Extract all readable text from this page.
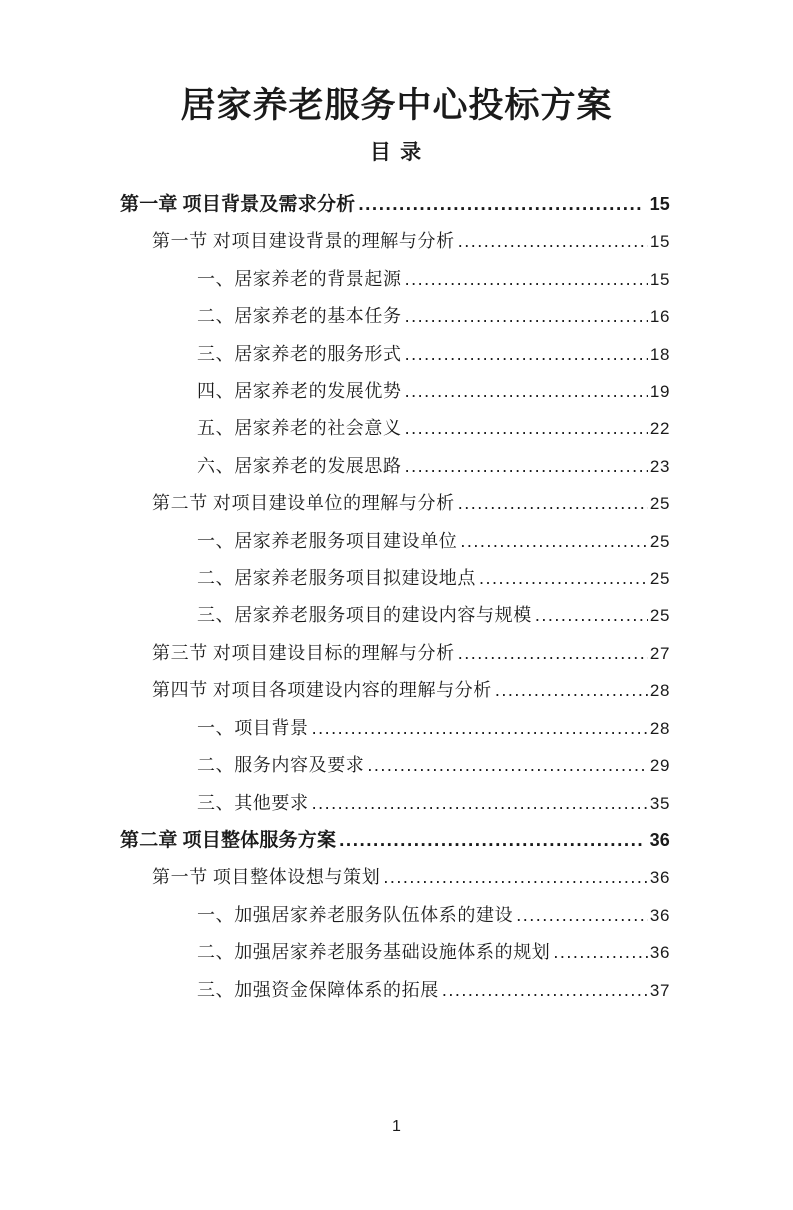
居家养老服务中心投标方案
目 录
第一章 项目背景及需求分析 .....	15
第一节 对项目建设背景的理解与分析 .....	15
一、居家养老的背景起源 .....	15
二、居家养老的基本任务 .....	16
三、居家养老的服务形式 .....	18
四、居家养老的发展优势 .....	19
五、居家养老的社会意义 .....	22
六、居家养老的发展思路 .....	23
第二节 对项目建设单位的理解与分析 .....	25
一、居家养老服务项目建设单位 .....	25
二、居家养老服务项目拟建设地点 .....	25
三、居家养老服务项目的建设内容与规模 .....	25
第三节 对项目建设目标的理解与分析 .....	27
第四节 对项目各项建设内容的理解与分析 .....	28
一、项目背景 .....	28
二、服务内容及要求 .....	29
三、其他要求 .....	35
第二章 项目整体服务方案 .....	36
第一节 项目整体设想与策划 .....	36
一、加强居家养老服务队伍体系的建设 .....	36
二、加强居家养老服务基础设施体系的规划 .....	36
三、加强资金保障体系的拓展 .....	37
1
